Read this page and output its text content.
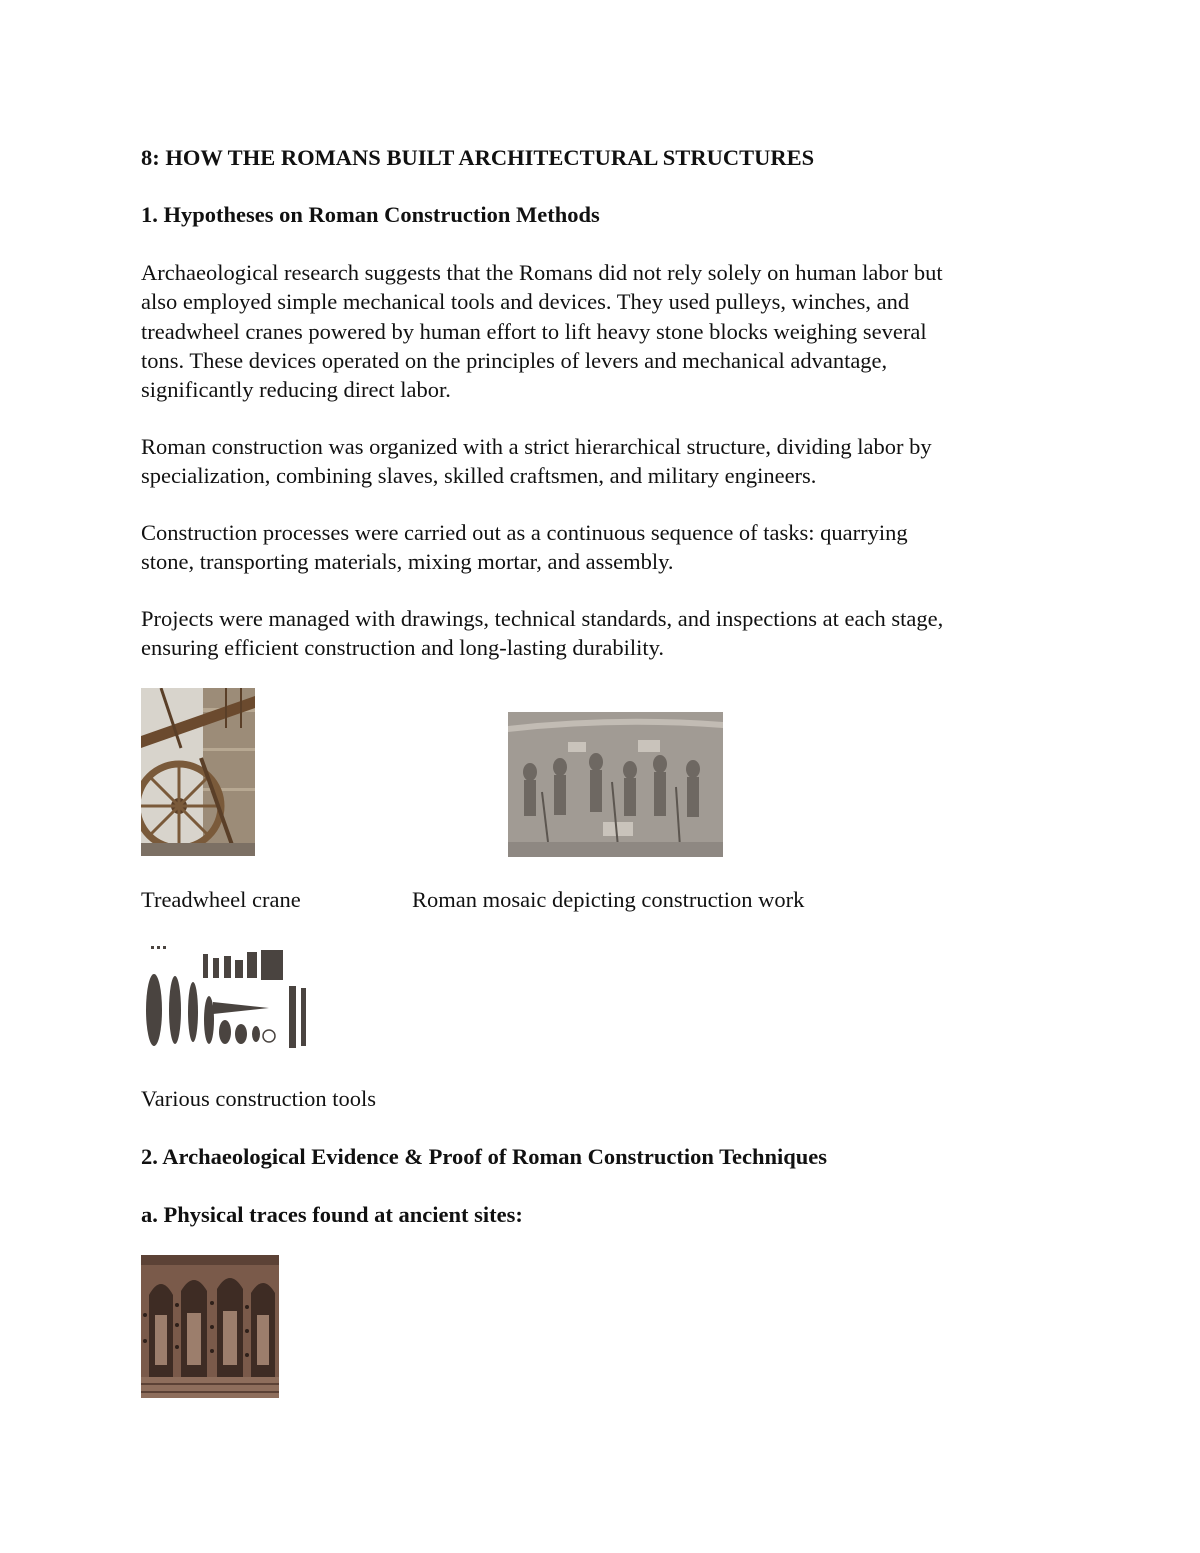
8: HOW THE ROMANS BUILT ARCHITECTURAL STRUCTURES
1. Hypotheses on Roman Construction Methods
Archaeological research suggests that the Romans did not rely solely on human labor but
also employed simple mechanical tools and devices. They used pulleys, winches, and
treadwheel cranes powered by human effort to lift heavy stone blocks weighing several
tons. These devices operated on the principles of levers and mechanical advantage,
significantly reducing direct labor.
Roman construction was organized with a strict hierarchical structure, dividing labor by
specialization, combining slaves, skilled craftsmen, and military engineers.
Construction processes were carried out as a continuous sequence of tasks: quarrying
stone, transporting materials, mixing mortar, and assembly.
Projects were managed with drawings, technical standards, and inspections at each stage,
ensuring efficient construction and long-lasting durability.

Treadwheel crane	Roman mosaic depicting construction work

Various construction tools

2. Archaeological Evidence & Proof of Roman Construction Techniques
a. Physical traces found at ancient sites:
